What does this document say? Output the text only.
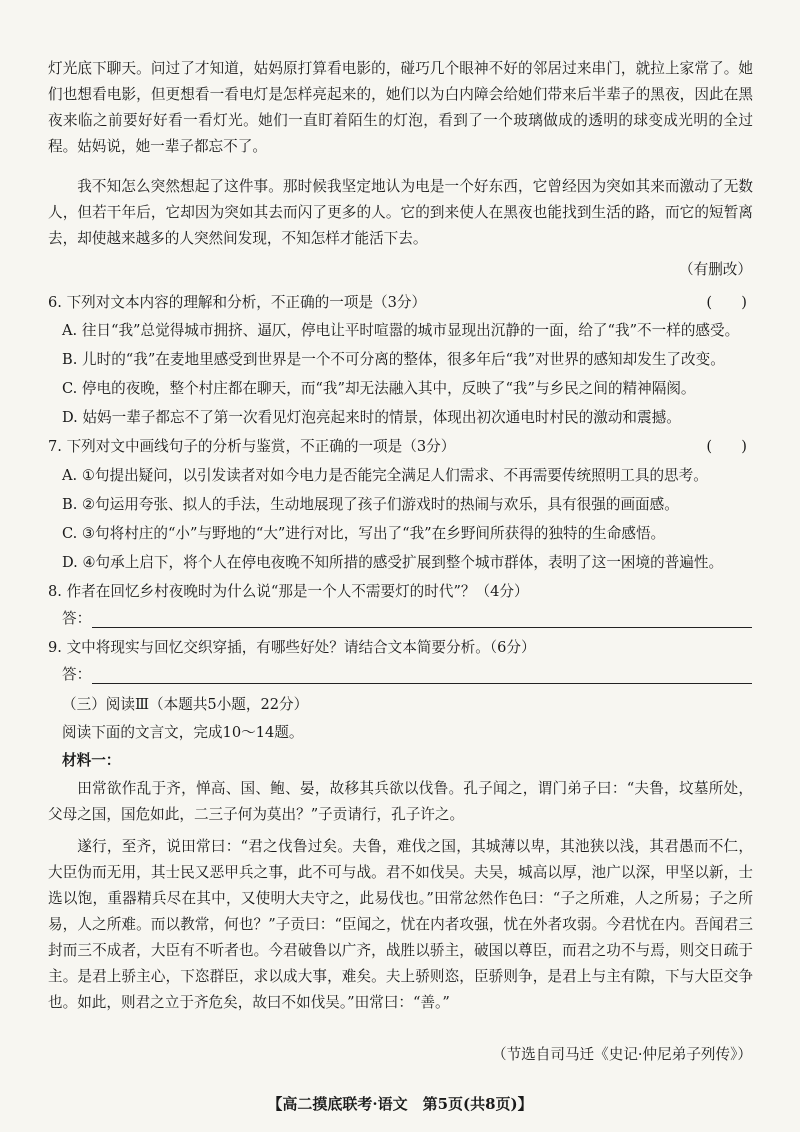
灯光底下聊天。问过了才知道，姑妈原打算看电影的，碰巧几个眼神不好的邻居过来串门，就拉上家常了。她们也想看电影，但更想看一看电灯是怎样亮起来的，她们以为白内障会给她们带来后半辈子的黑夜，因此在黑夜来临之前要好好看一看灯光。她们一直盯着陌生的灯泡，看到了一个玻璃做成的透明的球变成光明的全过程。姑妈说，她一辈子都忘不了。

我不知怎么突然想起了这件事。那时候我坚定地认为电是一个好东西，它曾经因为突如其来而激动了无数人，但若干年后，它却因为突如其去而闪了更多的人。它的到来使人在黑夜也能找到生活的路，而它的短暂离去，却使越来越多的人突然间发现，不知怎样才能活下去。

（有删改）

6. 下列对文本内容的理解和分析，不正确的一项是（3分）	(　　)

A. 往日“我”总觉得城市拥挤、逼仄，停电让平时喧嚣的城市显现出沉静的一面，给了“我”不一样的感受。

B. 儿时的“我”在麦地里感受到世界是一个不可分离的整体，很多年后“我”对世界的感知却发生了改变。

C. 停电的夜晚，整个村庄都在聊天，而“我”却无法融入其中，反映了“我”与乡民之间的精神隔阂。

D. 姑妈一辈子都忘不了第一次看见灯泡亮起来时的情景，体现出初次通电时村民的激动和震撼。

7. 下列对文中画线句子的分析与鉴赏，不正确的一项是（3分）	(　　)

A. ①句提出疑问，以引发读者对如今电力是否能完全满足人们需求、不再需要传统照明工具的思考。

B. ②句运用夸张、拟人的手法，生动地展现了孩子们游戏时的热闹与欢乐，具有很强的画面感。

C. ③句将村庄的“小”与野地的“大”进行对比，写出了“我”在乡野间所获得的独特的生命感悟。

D. ④句承上启下，将个人在停电夜晚不知所措的感受扩展到整个城市群体，表明了这一困境的普遍性。

8. 作者在回忆乡村夜晚时为什么说“那是一个人不需要灯的时代”？（4分）

答：

9. 文中将现实与回忆交织穿插，有哪些好处？请结合文本简要分析。（6分）

答：

（三）阅读Ⅲ（本题共5小题，22分）

阅读下面的文言文，完成10～14题。

材料一：

田常欲作乱于齐，惮高、国、鲍、晏，故移其兵欲以伐鲁。孔子闻之，谓门弟子曰：“夫鲁，坟墓所处，父母之国，国危如此，二三子何为莫出？”子贡请行，孔子许之。

遂行，至齐，说田常曰：“君之伐鲁过矣。夫鲁，难伐之国，其城薄以卑，其池狭以浅，其君愚而不仁，大臣伪而无用，其士民又恶甲兵之事，此不可与战。君不如伐吴。夫吴，城高以厚，池广以深，甲坚以新，士选以饱，重器精兵尽在其中，又使明大夫守之，此易伐也。”田常忿然作色曰：“子之所难，人之所易；子之所易，人之所难。而以教常，何也？”子贡曰：“臣闻之，忧在内者攻强，忧在外者攻弱。今君忧在内。吾闻君三封而三不成者，大臣有不听者也。今君破鲁以广齐，战胜以骄主，破国以尊臣，而君之功不与焉，则交日疏于主。是君上骄主心，下恣群臣，求以成大事，难矣。夫上骄则恣，臣骄则争，是君上与主有隙，下与大臣交争也。如此，则君之立于齐危矣，故曰不如伐吴。”田常曰：“善。”

（节选自司马迁《史记·仲尼弟子列传》）

【高二摸底联考·语文　第5页(共8页)】
